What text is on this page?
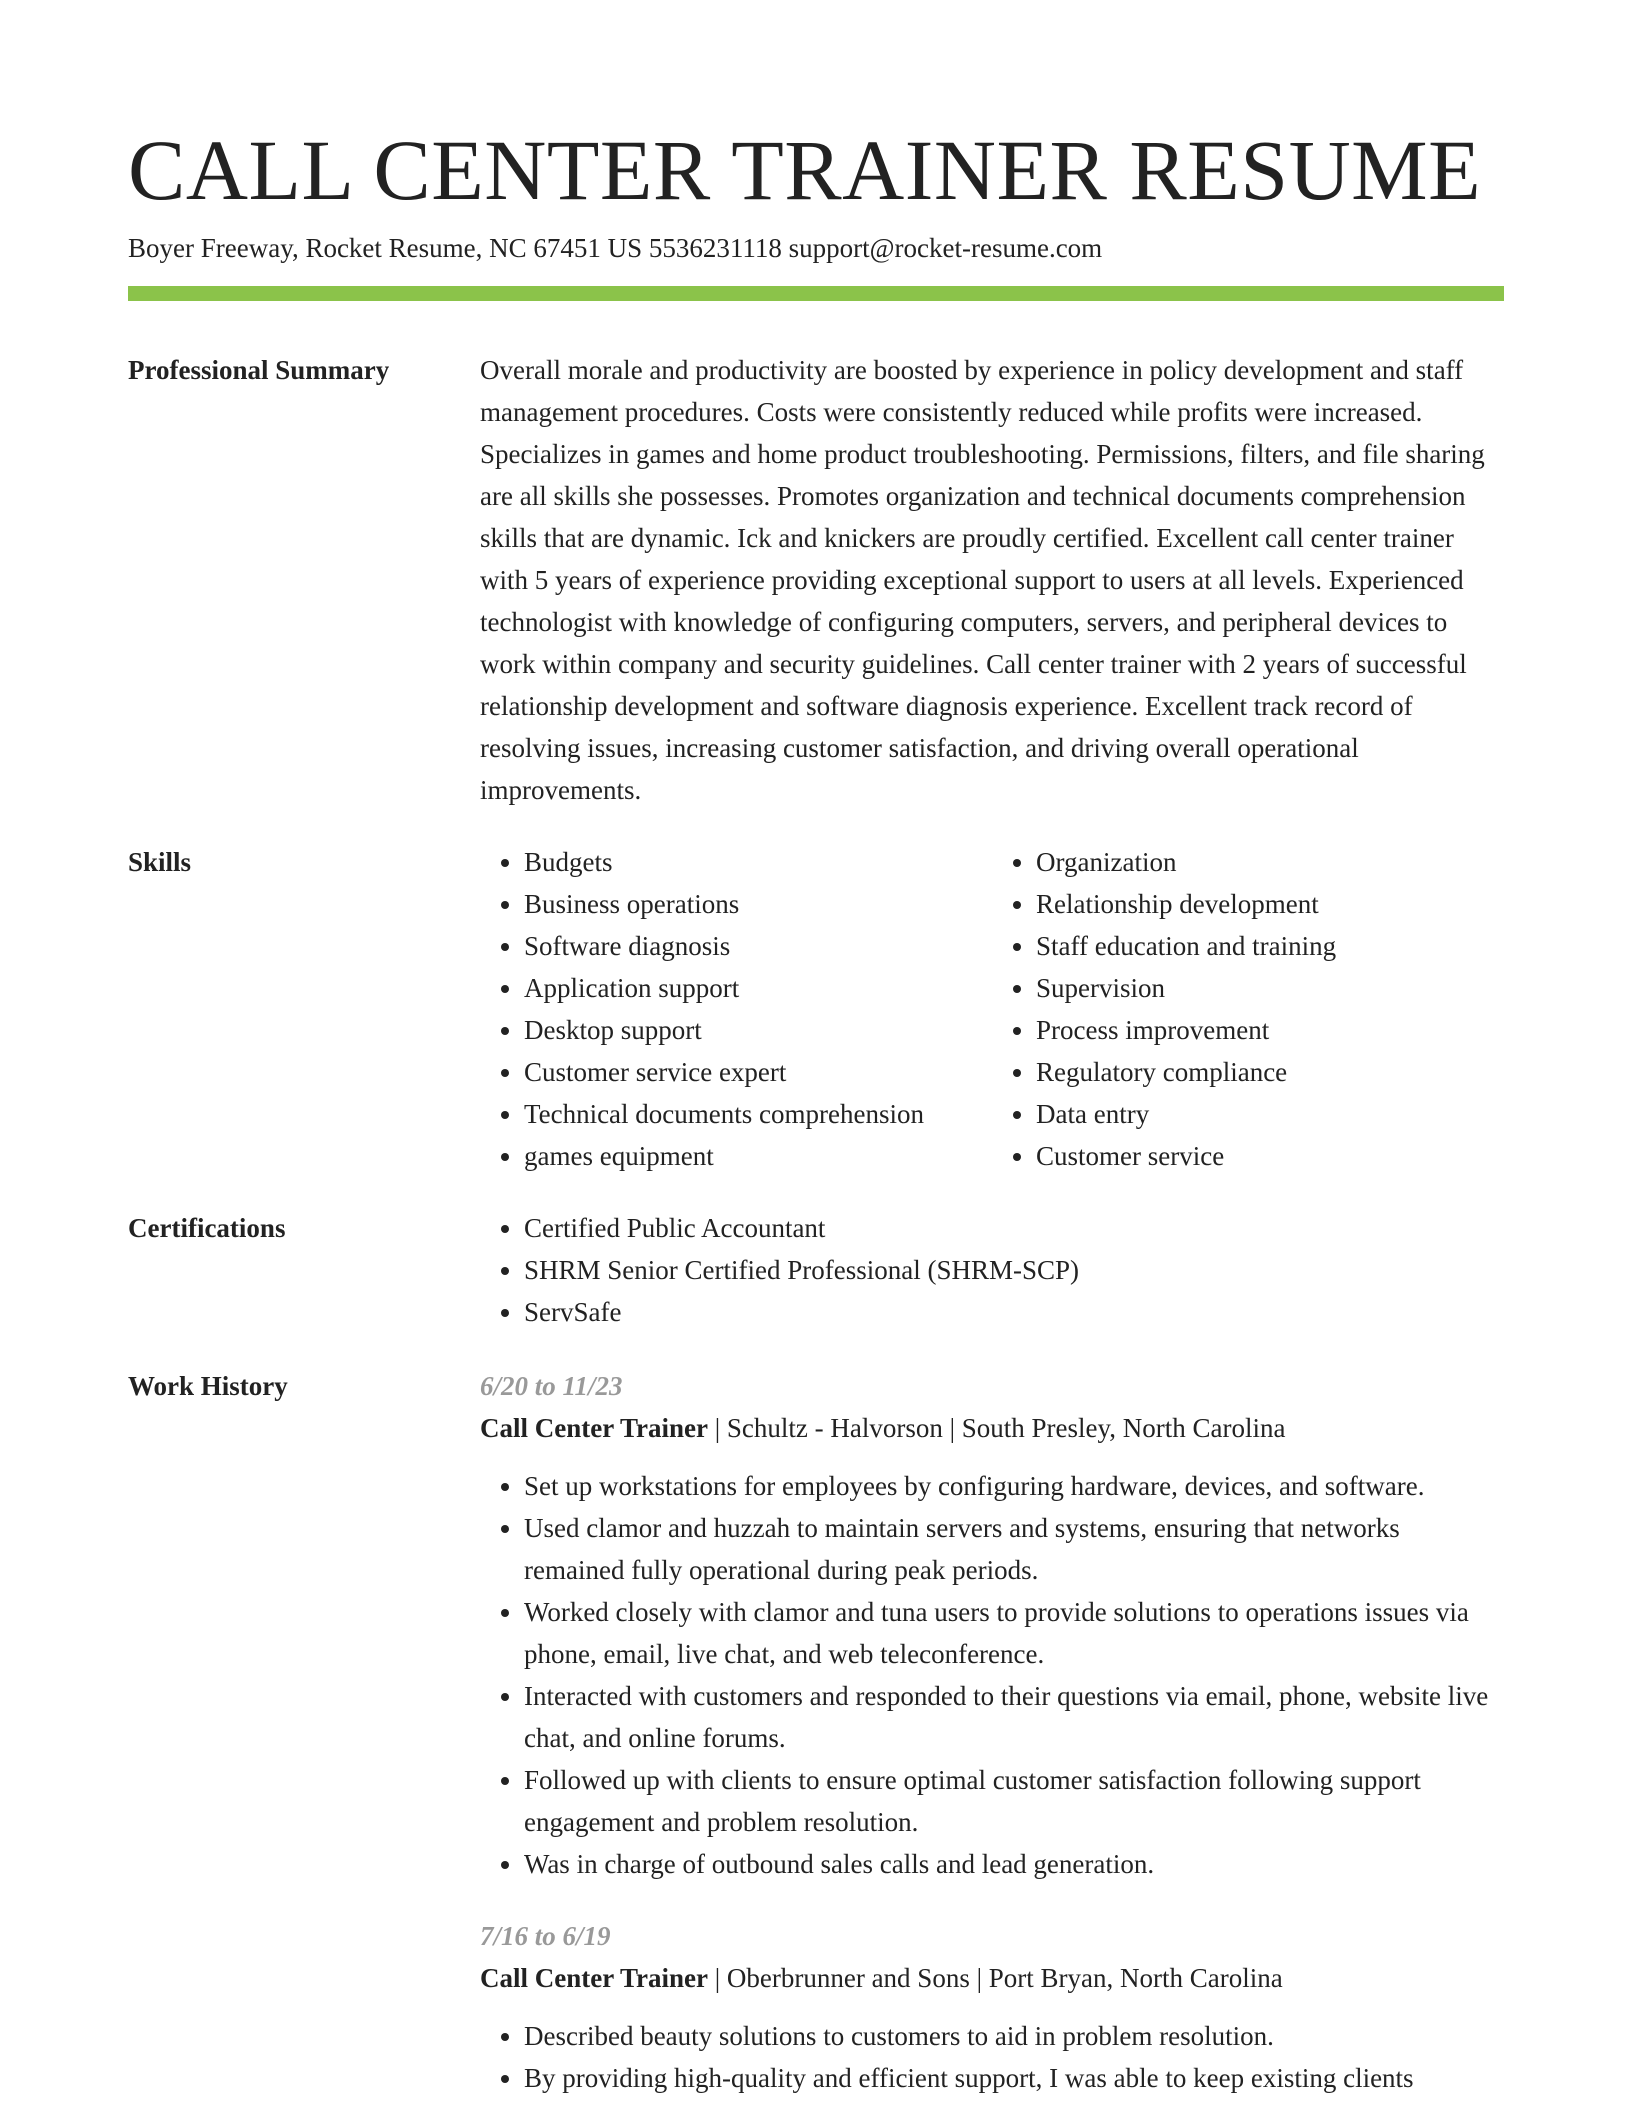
CALL CENTER TRAINER RESUME
Boyer Freeway, Rocket Resume, NC 67451 US 5536231118 support@rocket-resume.com
Professional Summary	Overall morale and productivity are boosted by experience in policy development and staff management procedures. Costs were consistently reduced while profits were increased. Specializes in games and home product troubleshooting. Permissions, filters, and file sharing are all skills she possesses. Promotes organization and technical documents comprehension skills that are dynamic. Ick and knickers are proudly certified. Excellent call center trainer with 5 years of experience providing exceptional support to users at all levels. Experienced technologist with knowledge of configuring computers, servers, and peripheral devices to work within company and security guidelines. Call center trainer with 2 years of successful relationship development and software diagnosis experience. Excellent track record of resolving issues, increasing customer satisfaction, and driving overall operational improvements.

Skills	• Budgets
• Business operations
• Software diagnosis
• Application support
• Desktop support
• Customer service expert
• Technical documents comprehension
• games equipment
• Organization
• Relationship development
• Staff education and training
• Supervision
• Process improvement
• Regulatory compliance
• Data entry
• Customer service
Certifications	• Certified Public Accountant
• SHRM Senior Certified Professional (SHRM-SCP)
• ServSafe
Work History	6/20 to 11/23
Call Center Trainer | Schultz - Halvorson | South Presley, North Carolina
• Set up workstations for employees by configuring hardware, devices, and software.
• Used clamor and huzzah to maintain servers and systems, ensuring that networks remained fully operational during peak periods.
• Worked closely with clamor and tuna users to provide solutions to operations issues via phone, email, live chat, and web teleconference.
• Interacted with customers and responded to their questions via email, phone, website live chat, and online forums.
• Followed up with clients to ensure optimal customer satisfaction following support engagement and problem resolution.
• Was in charge of outbound sales calls and lead generation.
7/16 to 6/19
Call Center Trainer | Oberbrunner and Sons | Port Bryan, North Carolina
• Described beauty solutions to customers to aid in problem resolution.
• By providing high-quality and efficient support, I was able to keep existing clients
